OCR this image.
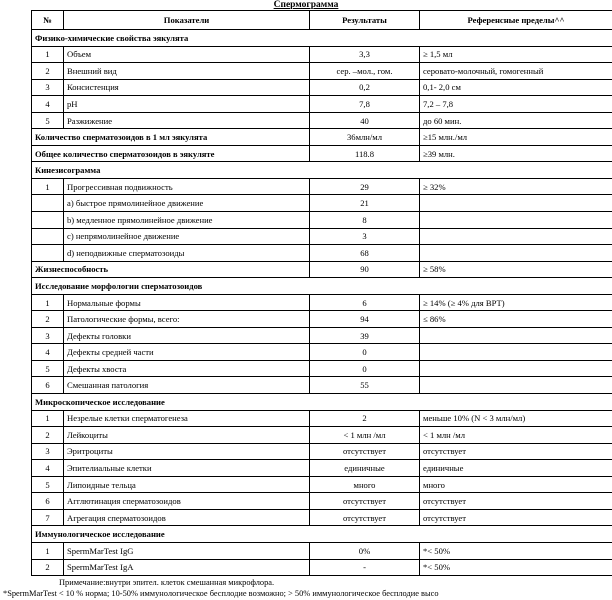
Спермограмма
№	Показатели	Результаты	Референсные пределы^^
Физико-химические свойства эякулята			
1	Объем	3,3	≥ 1,5 мл
2	Внешний вид	сер. –мол., гом.	сероватo-молочный, гомогенный
3	Консистенция	0,2	0,1- 2,0 см
4	pH	7,8	7,2 – 7,8
5	Разжижение	40	до 60 мин.
Количество сперматозоидов в 1 мл эякулята		36млн/мл	≥15 млн./мл
Общее количество сперматозоидов в эякуляте		118.8	≥39 млн.
Кинезисограмма			
1	Прогрессивная подвижность	29	≥ 32%
	а) быстрое прямолинейное движение	21	
	b) медленное прямолинейное движение	8	
	c) непрямолинейное движение	3	
	d) неподвижные сперматозоиды	68	
Жизнеспособность		90	≥ 58%
Исследование морфологии сперматозоидов			
1	Нормальные формы	6	≥ 14% (≥ 4% для ВРТ)
2	Патологические формы, всего:	94	≤ 86%
3	Дефекты головки	39	
4	Дефекты средней части	0	
5	Дефекты хвоста	0	
6	Смешанная патология	55	
Микроскопическое исследование			
1	Незрелые клетки сперматогенеза	2	меньше 10% (N < 3 млн/мл)
2	Лейкоциты	< 1 млн /мл	< 1 млн /мл
3	Эритроциты	отсутствует	отсутствует
4	Эпителиальные клетки	единичные	единичные
5	Липоидные тельца	много	много
6	Агглютинация сперматозоидов	отсутствует	отсутствует
7	Агрегация сперматозоидов	отсутствует	отсутствует
Иммунологическое исследование			
1	SpermMarTest IgG	0%	*< 50%
2	SpermMarTest IgA	-	*< 50%
Примечание:внутри эпител. клеток смешанная микрофлора.
*SpermMarTest < 10 % норма; 10-50% иммунологическое бесплодие возможно; > 50% иммунологическое бесплодие высо
